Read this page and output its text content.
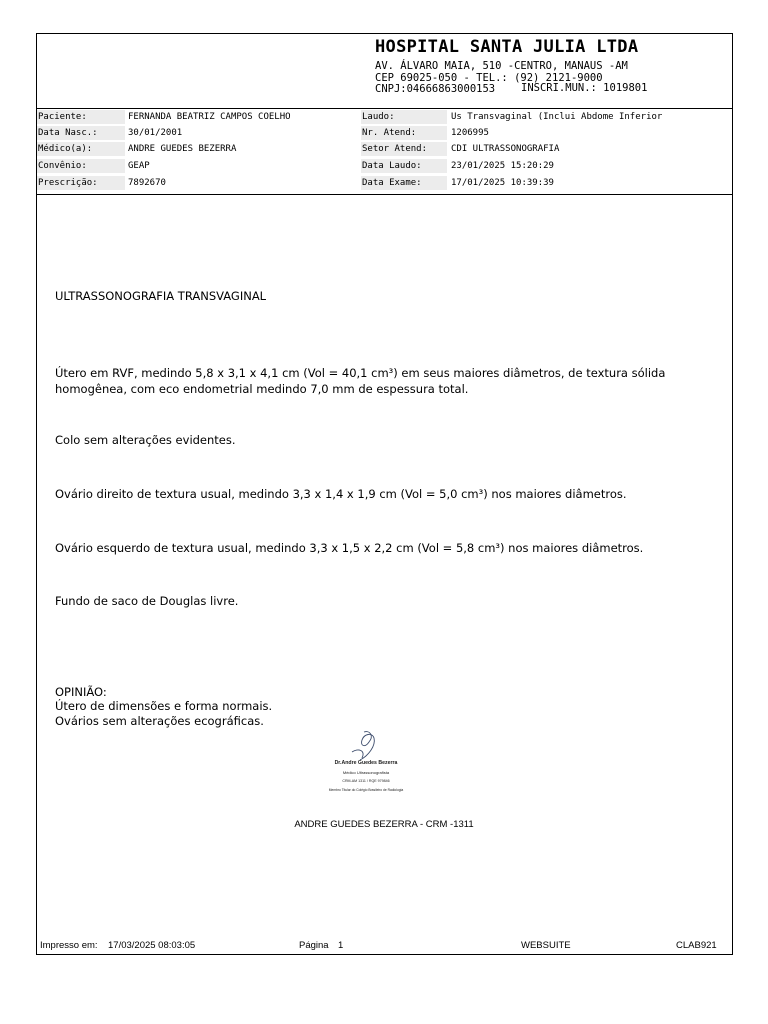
HOSPITAL SANTA JULIA LTDA
AV. ÁLVARO MAIA, 510 -CENTRO, MANAUS -AM
CEP 69025-050 - TEL.: (92) 2121-9000
CNPJ:04666863000153 INSCRI.MUN.: 1019801
Paciente:	FERNANDA BEATRIZ CAMPOS COELHO	Laudo:	Us Transvaginal (Inclui Abdome Inferior
Data Nasc.:	30/01/2001	Nr. Atend:	1206995
Médico(a):	ANDRE GUEDES BEZERRA	Setor Atend:	CDI ULTRASSONOGRAFIA
Convênio:	GEAP	Data Laudo:	23/01/2025 15:20:29
Prescrição:	7892670	Data Exame:	17/01/2025 10:39:39
ULTRASSONOGRAFIA TRANSVAGINAL
Útero em RVF, medindo 5,8 x 3,1 x 4,1 cm (Vol = 40,1 cm³) em seus maiores diâmetros, de textura sólida
homogênea, com eco endometrial medindo 7,0 mm de espessura total.
Colo sem alterações evidentes.
Ovário direito de textura usual, medindo 3,3 x 1,4 x 1,9 cm (Vol = 5,0 cm³) nos maiores diâmetros.
Ovário esquerdo de textura usual, medindo 3,3 x 1,5 x 2,2 cm (Vol = 5,8 cm³) nos maiores diâmetros.
Fundo de saco de Douglas livre.
OPINIÃO:
Útero de dimensões e forma normais.
Ovários sem alterações ecográficas.
Dr.Andre Guedes Bezerra
Médico Ultrassonografista
CRM-AM 1311 / RQE 979846
Membro Titular do Colégio Brasileiro de Radiologia
ANDRE GUEDES BEZERRA - CRM -1311
Impresso em: 17/03/2025 08:03:05	Página 1	WEBSUITE	CLAB921
